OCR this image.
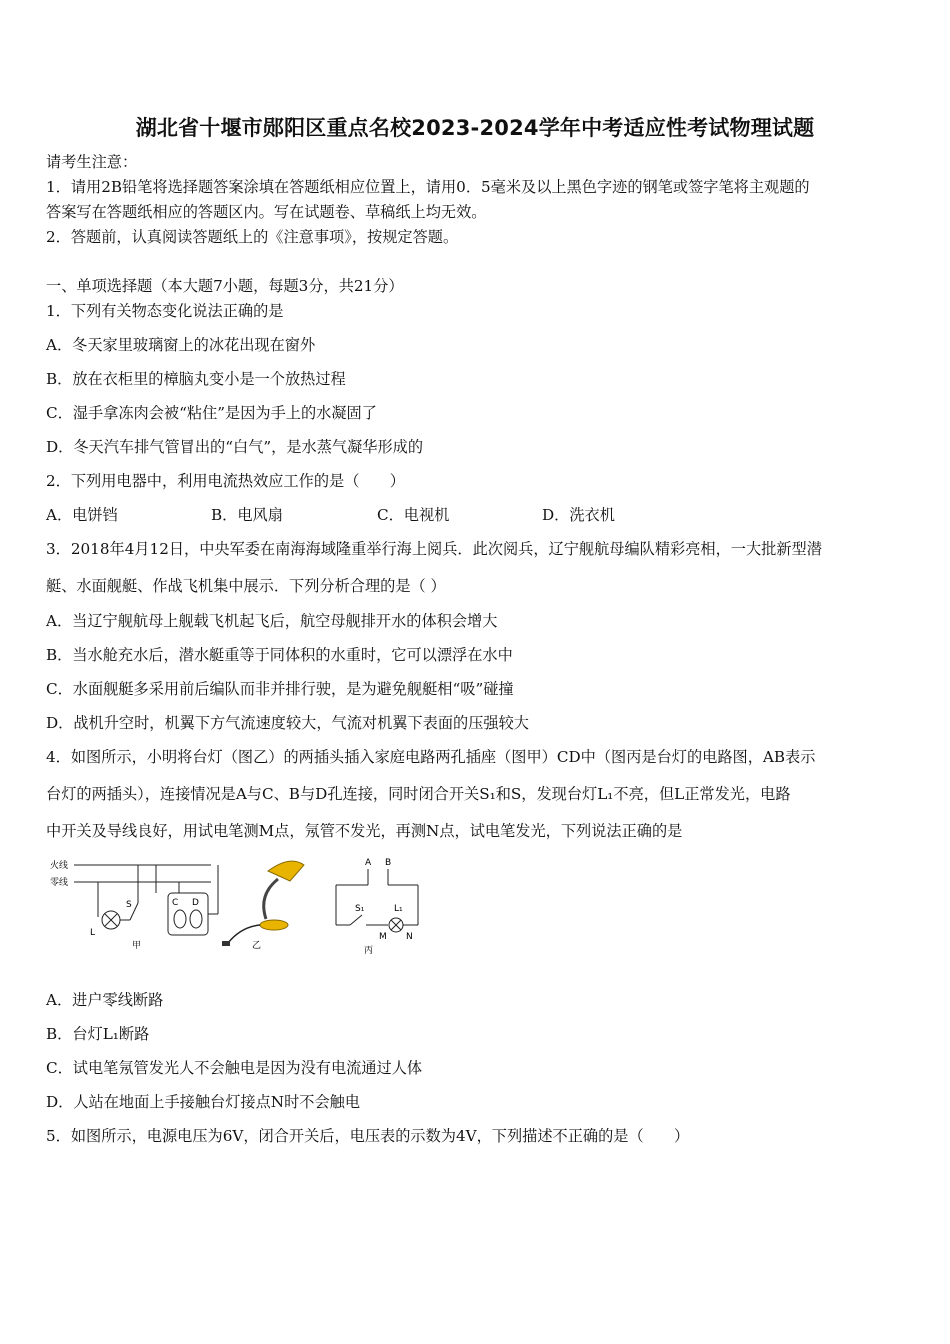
湖北省十堰市郧阳区重点名校2023-2024学年中考适应性考试物理试题
请考生注意：
1．请用2B铅笔将选择题答案涂填在答题纸相应位置上，请用0．5毫米及以上黑色字迹的钢笔或签字笔将主观题的
答案写在答题纸相应的答题区内。写在试题卷、草稿纸上均无效。
2．答题前，认真阅读答题纸上的《注意事项》，按规定答题。
一、单项选择题（本大题7小题，每题3分，共21分）
1．下列有关物态变化说法正确的是
A．冬天家里玻璃窗上的冰花出现在窗外
B．放在衣柜里的樟脑丸变小是一个放热过程
C．湿手拿冻肉会被“粘住”是因为手上的水凝固了
D．冬天汽车排气管冒出的“白气”，是水蒸气凝华形成的
2．下列用电器中，利用电流热效应工作的是（　　）
A．电饼铛	B．电风扇	C．电视机	D．洗衣机
3．2018年4月12日，中央军委在南海海域隆重举行海上阅兵．此次阅兵，辽宁舰航母编队精彩亮相，一大批新型潜
艇、水面舰艇、作战飞机集中展示．下列分析合理的是（ ）
A．当辽宁舰航母上舰载飞机起飞后，航空母舰排开水的体积会增大
B．当水舱充水后，潜水艇重等于同体积的水重时，它可以漂浮在水中
C．水面舰艇多采用前后编队而非并排行驶，是为避免舰艇相“吸”碰撞
D．战机升空时，机翼下方气流速度较大，气流对机翼下表面的压强较大
4．如图所示，小明将台灯（图乙）的两插头插入家庭电路两孔插座（图甲）CD中（图丙是台灯的电路图，AB表示
台灯的两插头），连接情况是A与C、B与D孔连接，同时闭合开关S₁和S，发现台灯L₁不亮，但L正常发光，电路
中开关及导线良好，用试电笔测M点，氖管不发光，再测N点，试电笔发光，下列说法正确的是
火线
零线
L
S	C D
甲	乙
A B
S₁	L₁
M N
丙
A．进户零线断路
B．台灯L₁断路
C．试电笔氖管发光人不会触电是因为没有电流通过人体
D．人站在地面上手接触台灯接点N时不会触电
5．如图所示，电源电压为6V，闭合开关后，电压表的示数为4V，下列描述不正确的是（　　）
